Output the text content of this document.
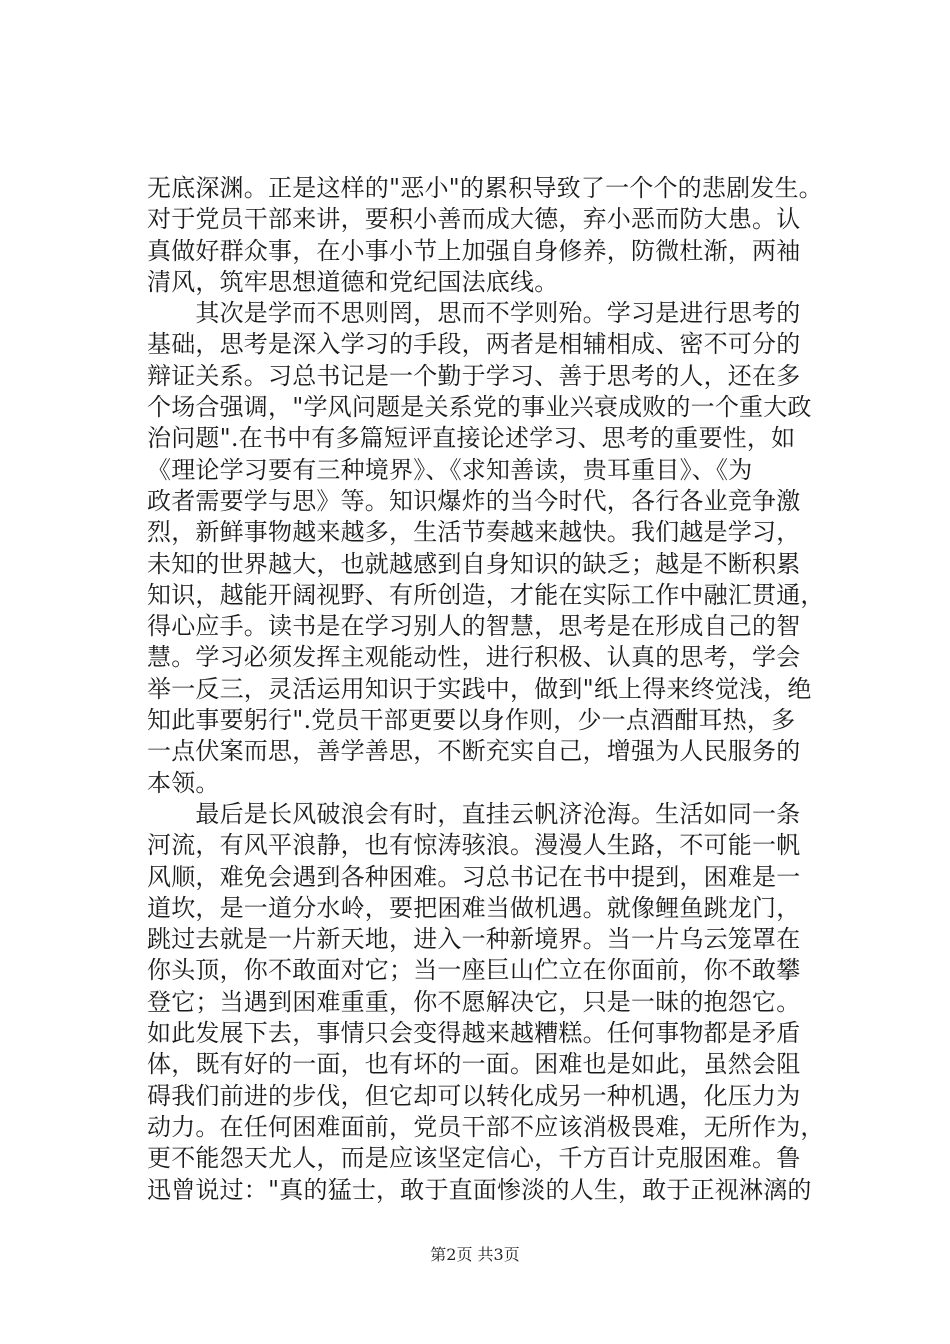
无底深渊。正是这样的"恶小"的累积导致了一个个的悲剧发生。
对于党员干部来讲，要积小善而成大德，弃小恶而防大患。认
真做好群众事，在小事小节上加强自身修养，防微杜渐，两袖
清风，筑牢思想道德和党纪国法底线。
　　其次是学而不思则罔，思而不学则殆。学习是进行思考的
基础，思考是深入学习的手段，两者是相辅相成、密不可分的
辩证关系。习总书记是一个勤于学习、善于思考的人，还在多
个场合强调，"学风问题是关系党的事业兴衰成败的一个重大政
治问题".在书中有多篇短评直接论述学习、思考的重要性，如
《理论学习要有三种境界》、《求知善读，贵耳重目》、《为
政者需要学与思》等。知识爆炸的当今时代，各行各业竞争激
烈，新鲜事物越来越多，生活节奏越来越快。我们越是学习，
未知的世界越大，也就越感到自身知识的缺乏；越是不断积累
知识，越能开阔视野、有所创造，才能在实际工作中融汇贯通，
得心应手。读书是在学习别人的智慧，思考是在形成自己的智
慧。学习必须发挥主观能动性，进行积极、认真的思考，学会
举一反三，灵活运用知识于实践中，做到"纸上得来终觉浅，绝
知此事要躬行".党员干部更要以身作则，少一点酒酣耳热，多
一点伏案而思，善学善思，不断充实自己，增强为人民服务的
本领。
　　最后是长风破浪会有时，直挂云帆济沧海。生活如同一条
河流，有风平浪静，也有惊涛骇浪。漫漫人生路，不可能一帆
风顺，难免会遇到各种困难。习总书记在书中提到，困难是一
道坎，是一道分水岭，要把困难当做机遇。就像鲤鱼跳龙门，
跳过去就是一片新天地，进入一种新境界。当一片乌云笼罩在
你头顶，你不敢面对它；当一座巨山伫立在你面前，你不敢攀
登它；当遇到困难重重，你不愿解决它，只是一昧的抱怨它。
如此发展下去，事情只会变得越来越糟糕。任何事物都是矛盾
体，既有好的一面，也有坏的一面。困难也是如此，虽然会阻
碍我们前进的步伐，但它却可以转化成另一种机遇，化压力为
动力。在任何困难面前，党员干部不应该消极畏难，无所作为，
更不能怨天尤人，而是应该坚定信心，千方百计克服困难。鲁
迅曾说过："真的猛士，敢于直面惨淡的人生，敢于正视淋漓的
第2页 共3页
